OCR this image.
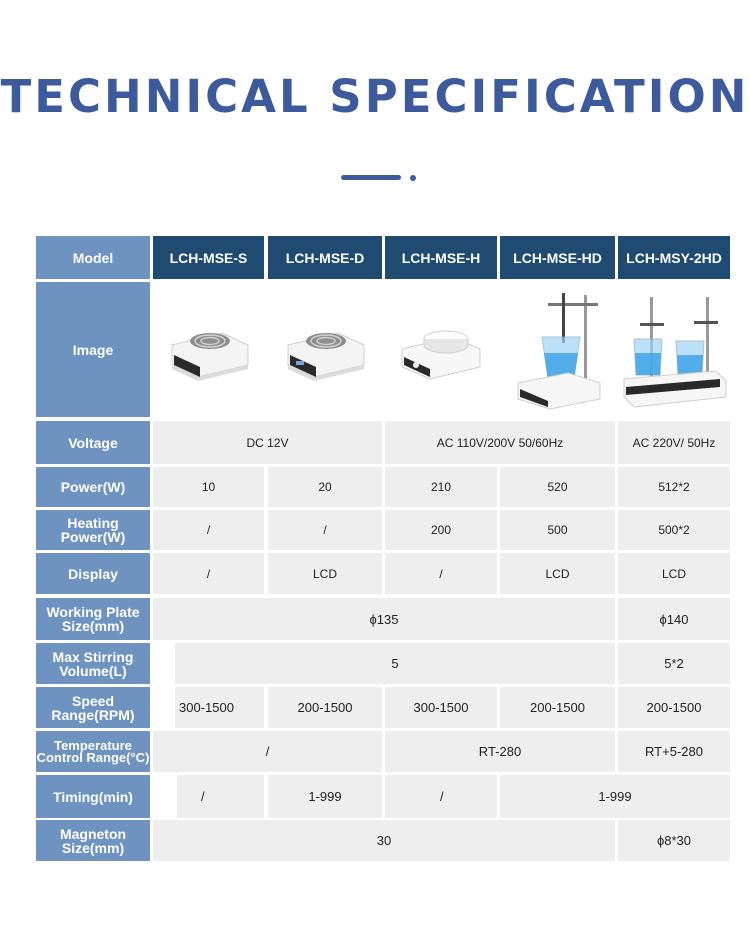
TECHNICAL SPECIFICATION
Model	LCH-MSE-S	LCH-MSE-D	LCH-MSE-H	LCH-MSE-HD	LCH-MSY-2HD
Image
Voltage	DC 12V	AC 110V/200V 50/60Hz	AC 220V/ 50Hz
Power(W)	10	20	210	520	512*2
Heating Power(W)	/	/	200	500	500*2
Display	/	LCD	/	LCD	LCD
Working Plate Size(mm)	ϕ135	ϕ140
Max Stirring Volume(L)	5	5*2
Speed Range(RPM)	300-1500	200-1500	300-1500	200-1500	200-1500
Temperature Control Range(°C)	/	RT-280	RT+5-280
Timing(min)	/	1-999	/	1-999
Magneton Size(mm)	30	ϕ8*30
